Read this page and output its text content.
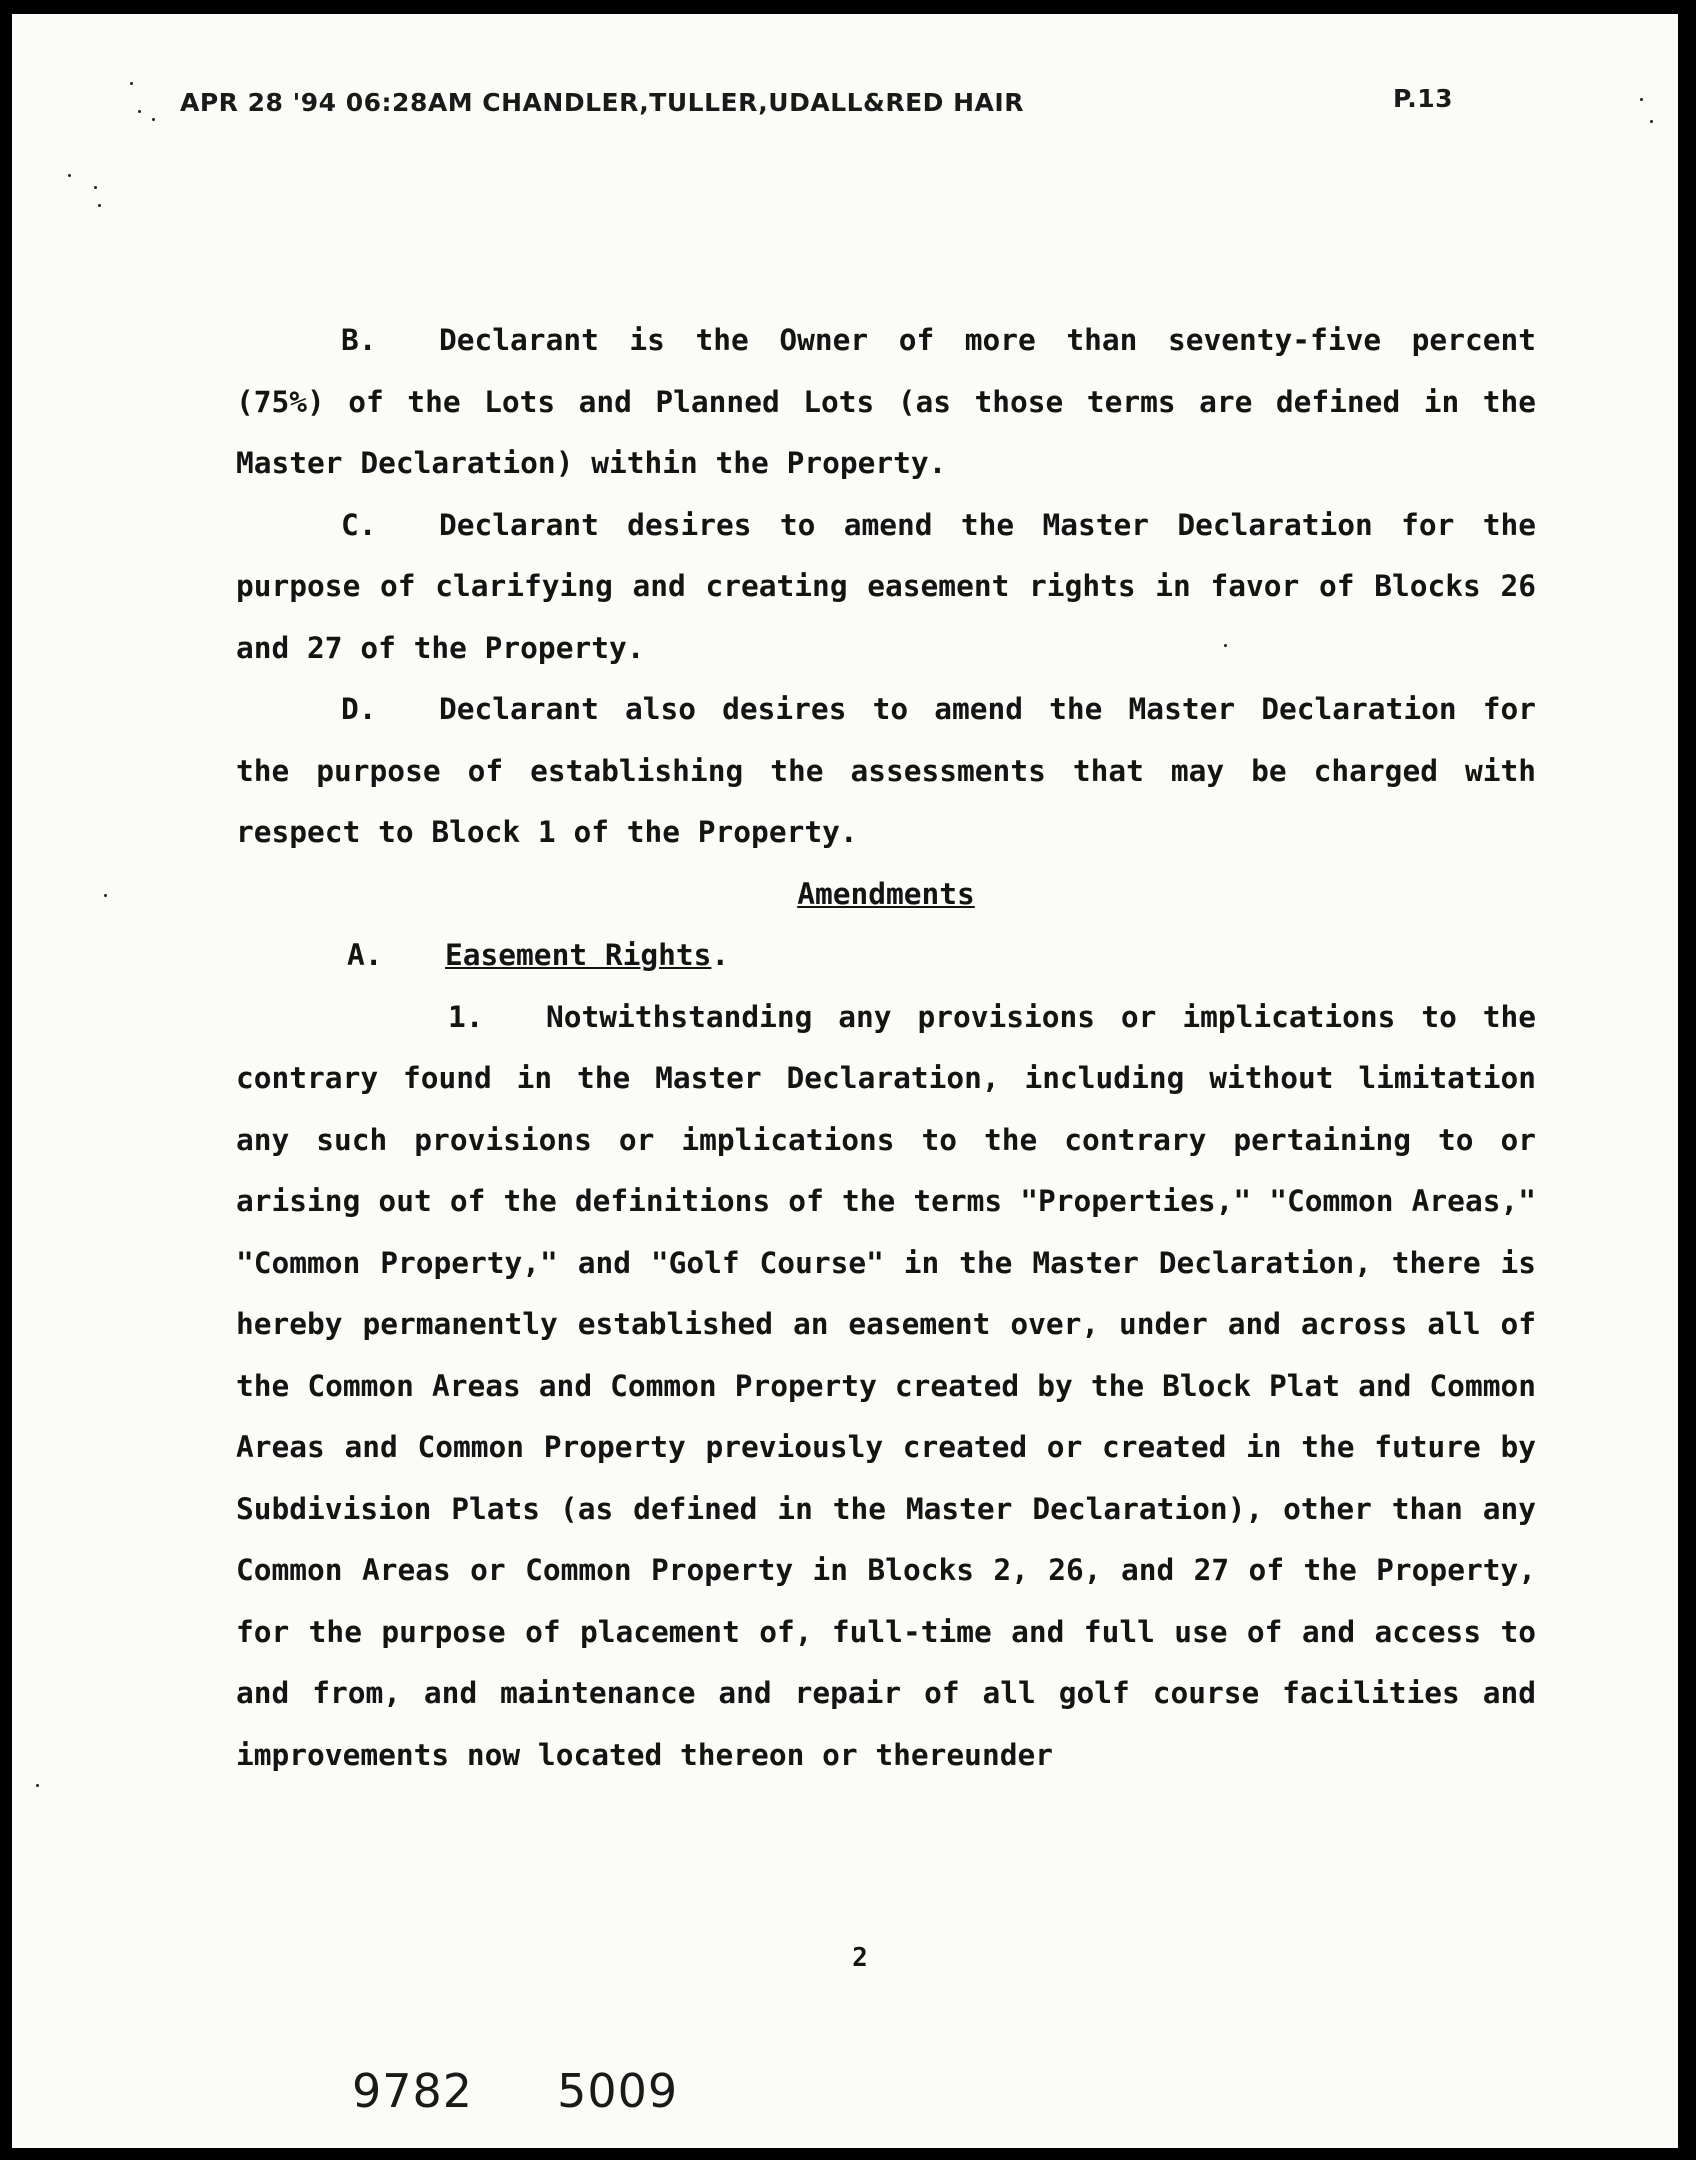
APR 28 '94 06:28AM CHANDLER,TULLER,UDALL&RED HAIR	P.13

B. Declarant is the Owner of more than seventy-five percent (75%) of the Lots and Planned Lots (as those terms are defined in the Master Declaration) within the Property.

C. Declarant desires to amend the Master Declaration for the purpose of clarifying and creating easement rights in favor of Blocks 26 and 27 of the Property.

D. Declarant also desires to amend the Master Declaration for the purpose of establishing the assessments that may be charged with respect to Block 1 of the Property.

Amendments

A. Easement Rights.

1. Notwithstanding any provisions or implications to the contrary found in the Master Declaration, including without limitation any such provisions or implications to the contrary pertaining to or arising out of the definitions of the terms "Properties," "Common Areas," "Common Property," and "Golf Course" in the Master Declaration, there is hereby permanently established an easement over, under and across all of the Common Areas and Common Property created by the Block Plat and Common Areas and Common Property previously created or created in the future by Subdivision Plats (as defined in the Master Declaration), other than any Common Areas or Common Property in Blocks 2, 26, and 27 of the Property, for the purpose of placement of, full-time and full use of and access to and from, and maintenance and repair of all golf course facilities and improvements now located thereon or thereunder

2
9782 5009
